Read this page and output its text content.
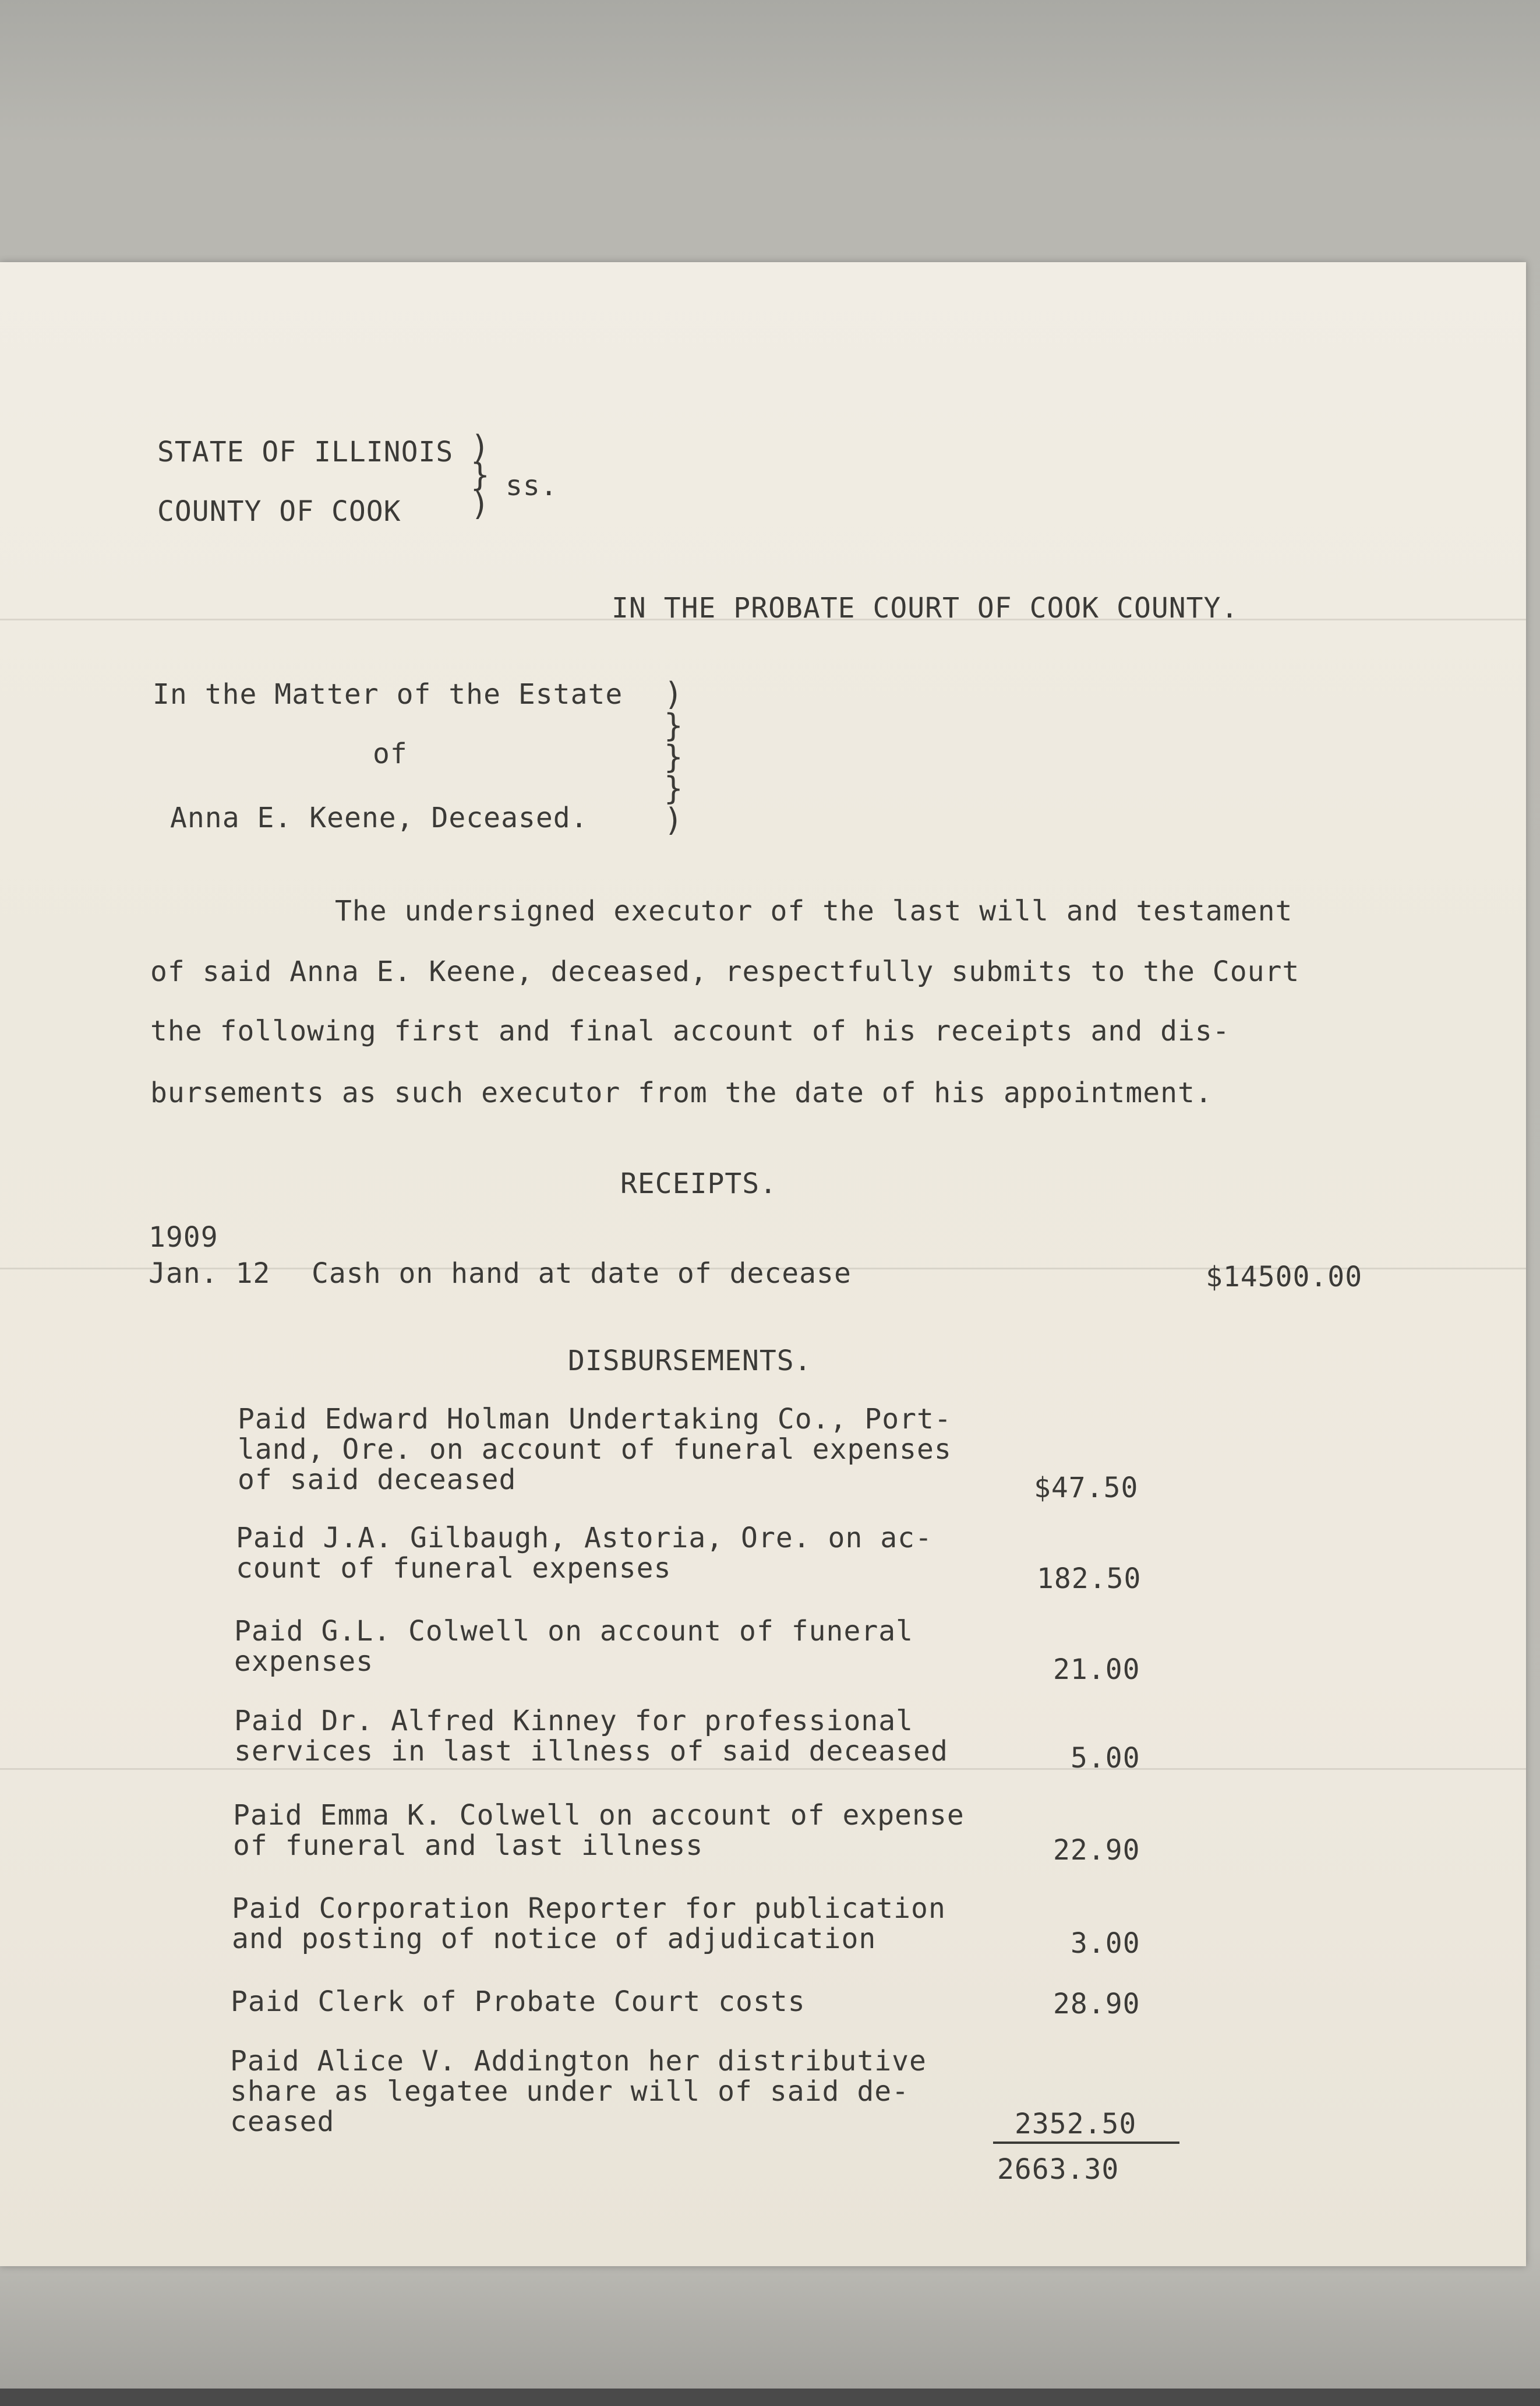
STATE OF ILLINOIS
COUNTY OF COOK
)
}
) ss.
IN THE PROBATE COURT OF COOK COUNTY.
In the Matter of the Estate
of
Anna E. Keene, Deceased.
)
}
}
}
)
The undersigned executor of the last will and testament
of said Anna E. Keene, deceased, respectfully submits to the Court
the following first and final account of his receipts and dis-
bursements as such executor from the date of his appointment.
RECEIPTS.
1909
Jan. 12 Cash on hand at date of decease	$14500.00
DISBURSEMENTS.
Paid Edward Holman Undertaking Co., Port-
land, Ore. on account of funeral expenses
of said deceased	$47.50
Paid J.A. Gilbaugh, Astoria, Ore. on ac-
count of funeral expenses	182.50
Paid G.L. Colwell on account of funeral
expenses	21.00
Paid Dr. Alfred Kinney for professional
services in last illness of said deceased	5.00
Paid Emma K. Colwell on account of expense
of funeral and last illness	22.90
Paid Corporation Reporter for publication
and posting of notice of adjudication	3.00
Paid Clerk of Probate Court costs	28.90
Paid Alice V. Addington her distributive
share as legatee under will of said de-
ceased	2352.50
2663.30
